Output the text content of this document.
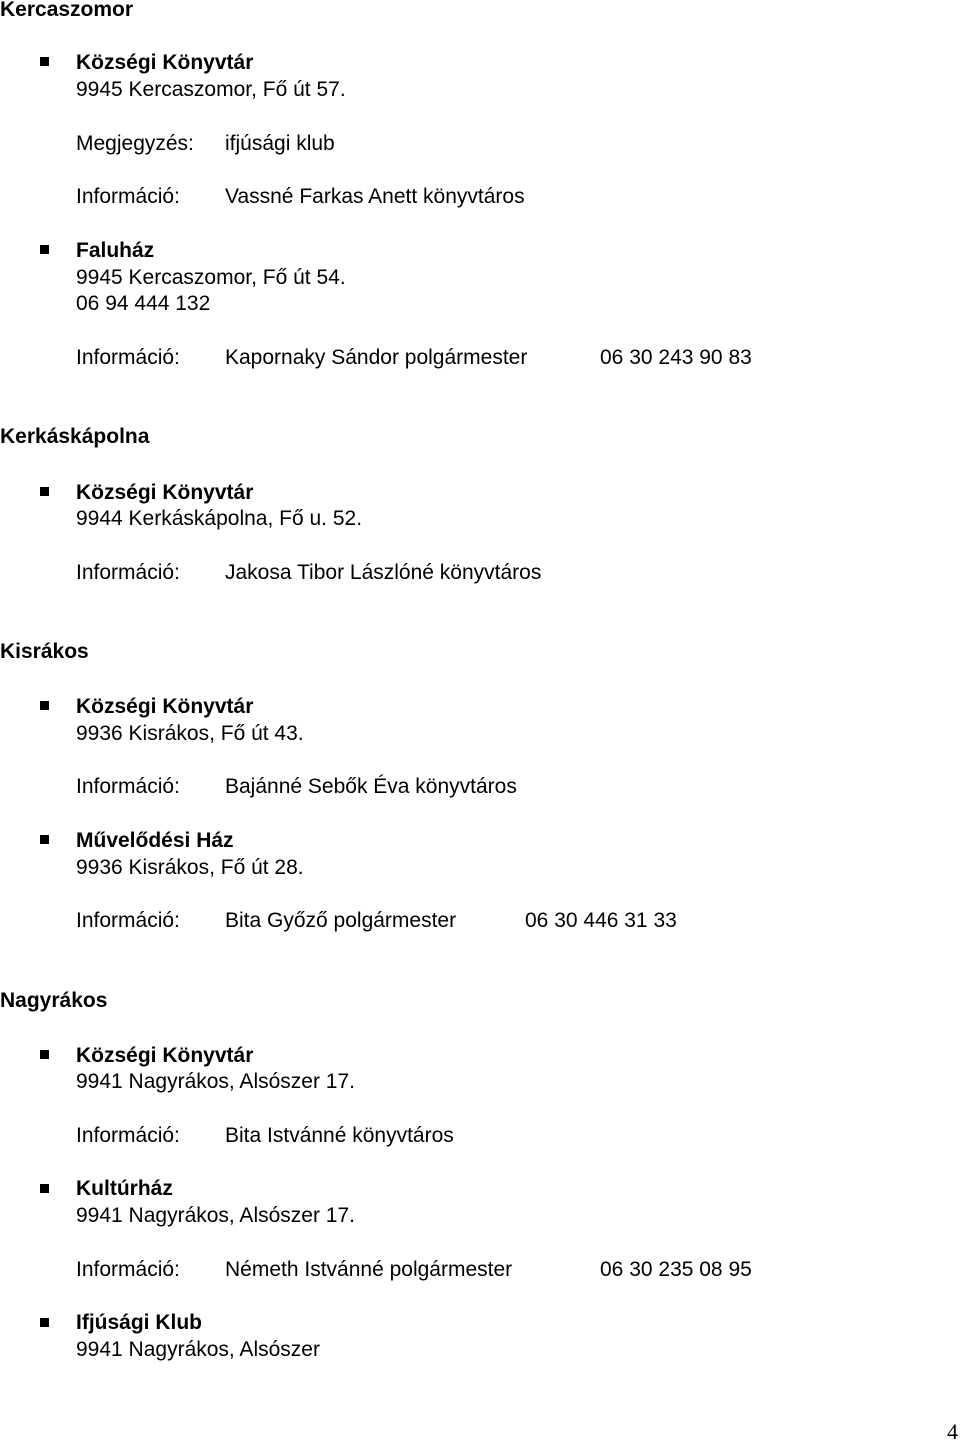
Kercaszomor
Községi Könyvtár
9945 Kercaszomor, Fő út 57.
Megjegyzés: ifjúsági klub
Információ: Vassné Farkas Anett könyvtáros
Faluház
9945 Kercaszomor, Fő út 54.
06 94 444 132
Információ: Kapornaky Sándor polgármester	06 30 243 90 83
Kerkáskápolna
Községi Könyvtár
9944 Kerkáskápolna, Fő u. 52.
Információ: Jakosa Tibor Lászlóné könyvtáros
Kisrákos
Községi Könyvtár
9936 Kisrákos, Fő út 43.
Információ: Bajánné Sebők Éva könyvtáros
Művelődési Ház
9936 Kisrákos, Fő út 28.
Információ: Bita Győző polgármester	06 30 446 31 33
Nagyrákos
Községi Könyvtár
9941 Nagyrákos, Alsószer 17.
Információ: Bita Istvánné könyvtáros
Kultúrház
9941 Nagyrákos, Alsószer 17.
Információ: Németh Istvánné polgármester	06 30 235 08 95
Ifjúsági Klub
9941 Nagyrákos, Alsószer
4
